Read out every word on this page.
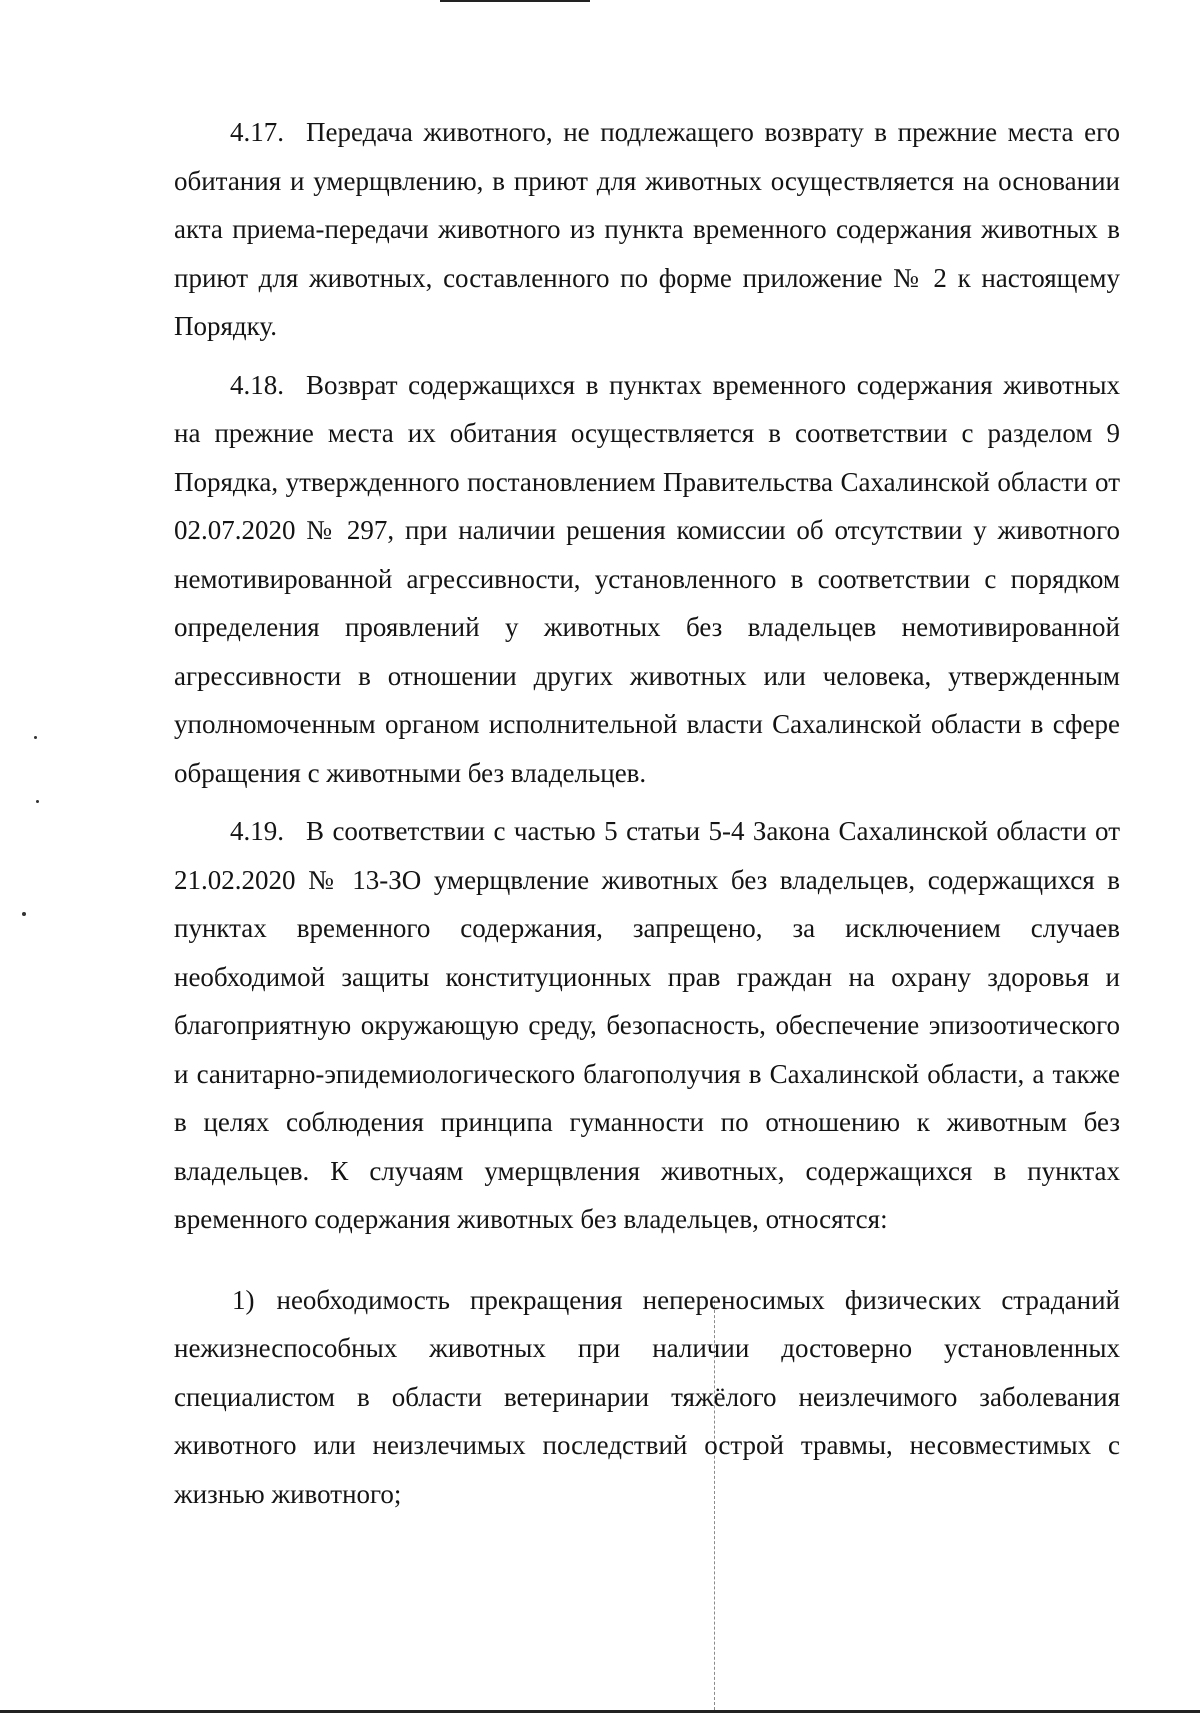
4.17. Передача животного, не подлежащего возврату в прежние места его обитания и умерщвлению, в приют для животных осуществляется на основании акта приема-передачи животного из пункта временного содержания животных в приют для животных, составленного по форме приложение № 2 к настоящему Порядку.

4.18. Возврат содержащихся в пунктах временного содержания животных на прежние места их обитания осуществляется в соответствии с разделом 9 Порядка, утвержденного постановлением Правительства Сахалинской области от 02.07.2020 № 297, при наличии решения комиссии об отсутствии у животного немотивированной агрессивности, установленного в соответствии с порядком определения проявлений у животных без владельцев немотивированной агрессивности в отношении других животных или человека, утвержденным уполномоченным органом исполнительной власти Сахалинской области в сфере обращения с животными без владельцев.

4.19. В соответствии с частью 5 статьи 5-4 Закона Сахалинской области от 21.02.2020 № 13-ЗО умерщвление животных без владельцев, содержащихся в пунктах временного содержания, запрещено, за исключением случаев необходимой защиты конституционных прав граждан на охрану здоровья и благоприятную окружающую среду, безопасность, обеспечение эпизоотического и санитарно-эпидемиологического благополучия в Сахалинской области, а также в целях соблюдения принципа гуманности по отношению к животным без владельцев. К случаям умерщвления животных, содержащихся в пунктах временного содержания животных без владельцев, относятся:

1) необходимость прекращения непереносимых физических страданий нежизнеспособных животных при наличии достоверно установленных специалистом в области ветеринарии тяжёлого неизлечимого заболевания животного или неизлечимых последствий острой травмы, несовместимых с жизнью животного;
